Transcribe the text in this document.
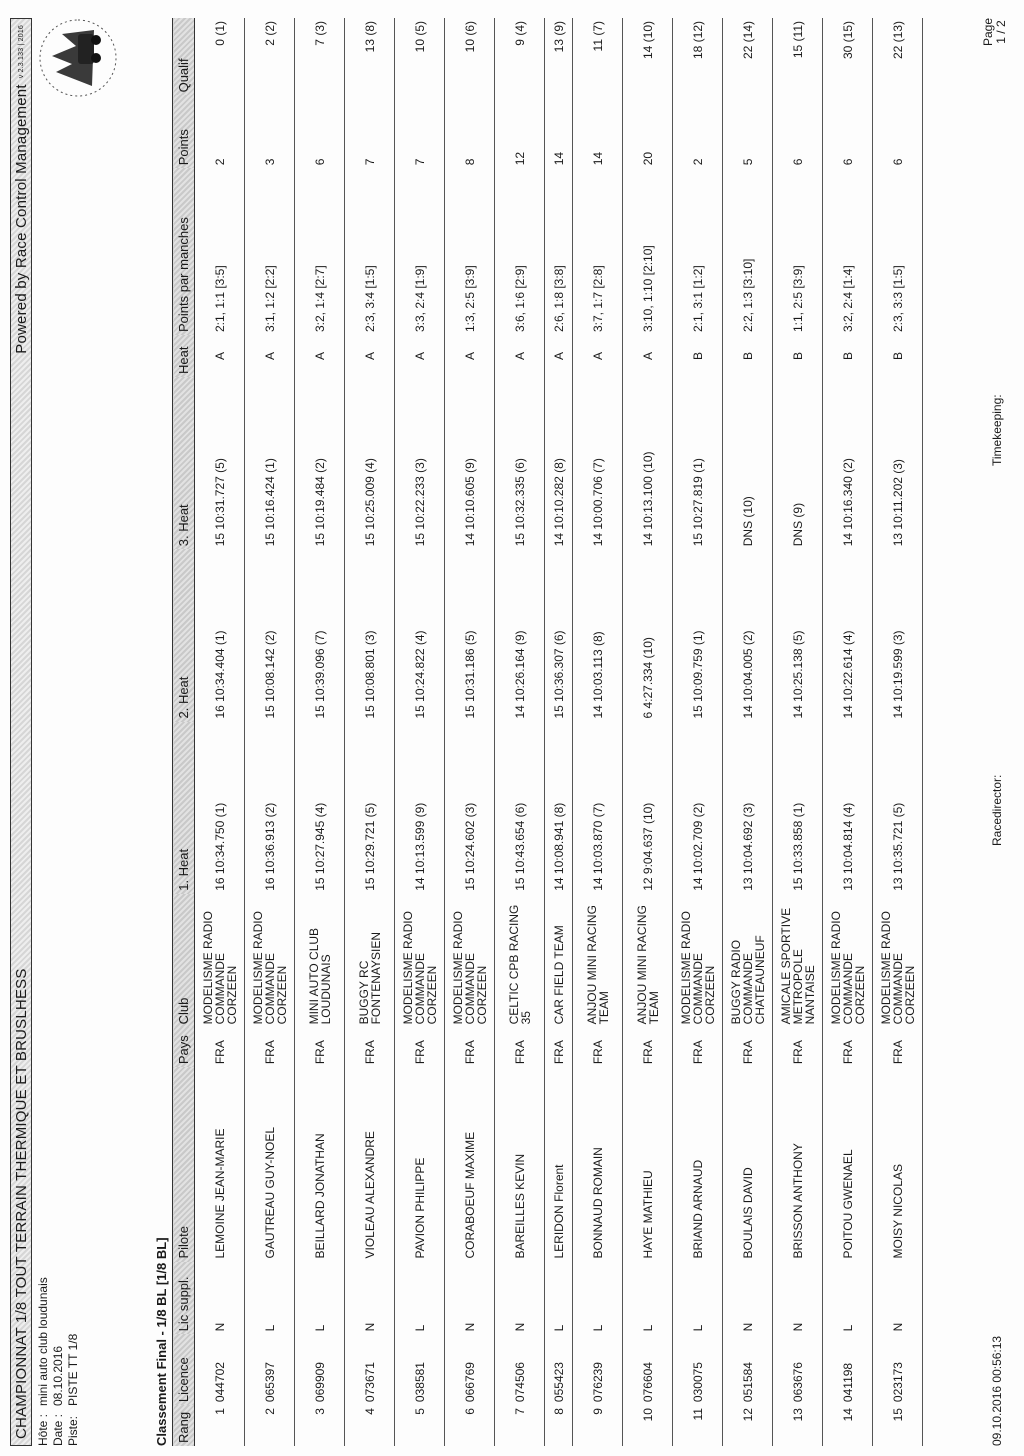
CHAMPIONNAT 1/8 TOUT TERRAIN THERMIQUE ET BRUSLHESS
Powered by Race Control Management
v 2.3.133 | 2016
Hôte :
mini auto club loudunais
Date :
08.10.2016
Piste:
PISTE TT 1/8	Classement Final - 1/8 BL [1/8 BL] Rang	Licence	Lic suppl.	Pilote	Pays	Club	1. Heat	2. Heat	3. Heat	Heat	Points par manches	Points	Qualif
1	044702	N	LEMOINE JEAN-MARIE	FRA	MODELISME RADIO COMMANDE CORZEEN	16 10:34.750 (1)	16 10:34.404 (1)	15 10:31.727 (5)	A	2:1, 1:1 [3:5]	2	0 (1)
2	065397	L	GAUTREAU GUY-NOEL	FRA	MODELISME RADIO COMMANDE CORZEEN	16 10:36.913 (2)	15 10:08.142 (2)	15 10:16.424 (1)	A	3:1, 1:2 [2:2]	3	2 (2)
3	069909	L	BEILLARD JONATHAN	FRA	MINI AUTO CLUB LOUDUNAIS	15 10:27.945 (4)	15 10:39.096 (7)	15 10:19.484 (2)	A	3:2, 1:4 [2:7]	6	7 (3)
4	073671	N	VIOLEAU ALEXANDRE	FRA	BUGGY RC FONTENAYSIEN	15 10:29.721 (5)	15 10:08.801 (3)	15 10:25.009 (4)	A	2:3, 3:4 [1:5]	7	13 (8)
5	038581	L	PAVION PHILIPPE	FRA	MODELISME RADIO COMMANDE CORZEEN	14 10:13.599 (9)	15 10:24.822 (4)	15 10:22.233 (3)	A	3:3, 2:4 [1:9]	7	10 (5)
6	066769	N	CORABOEUF MAXIME	FRA	MODELISME RADIO COMMANDE CORZEEN	15 10:24.602 (3)	15 10:31.186 (5)	14 10:10.605 (9)	A	1:3, 2:5 [3:9]	8	10 (6)
7	074506	N	BAREILLES KEVIN	FRA	CELTIC CPB RACING 35	15 10:43.654 (6)	14 10:26.164 (9)	15 10:32.335 (6)	A	3:6, 1:6 [2:9]	12	9 (4)
8	055423	L	LERIDON Florent	FRA	CAR FIELD TEAM	14 10:08.941 (8)	15 10:36.307 (6)	14 10:10.282 (8)	A	2:6, 1:8 [3:8]	14	13 (9)
9	076239	L	BONNAUD ROMAIN	FRA	ANJOU MINI RACING TEAM	14 10:03.870 (7)	14 10:03.113 (8)	14 10:00.706 (7)	A	3:7, 1:7 [2:8]	14	11 (7)
10	076604	L	HAYE MATHIEU	FRA	ANJOU MINI RACING TEAM	12 9:04.637 (10)	6 4:27.334 (10)	14 10:13.100 (10)	A	3:10, 1:10 [2:10]	20	14 (10)
11	030075	L	BRIAND ARNAUD	FRA	MODELISME RADIO COMMANDE CORZEEN	14 10:02.709 (2)	15 10:09.759 (1)	15 10:27.819 (1)	B	2:1, 3:1 [1:2]	2	18 (12)
12	051584	N	BOULAIS DAVID	FRA	BUGGY RADIO COMMANDE CHATEAUNEUF	13 10:04.692 (3)	14 10:04.005 (2)	DNS (10)	B	2:2, 1:3 [3:10]	5	22 (14)
13	063676	N	BRISSON ANTHONY	FRA	AMICALE SPORTIVE METROPOLE NANTAISE	15 10:33.858 (1)	14 10:25.138 (5)	DNS (9)	B	1:1, 2:5 [3:9]	6	15 (11)
14	041198	L	POITOU GWENAEL	FRA	MODELISME RADIO COMMANDE CORZEEN	13 10:04.814 (4)	14 10:22.614 (4)	14 10:16.340 (2)	B	3:2, 2:4 [1:4]	6	30 (15)
15	023173	N	MOISY NICOLAS	FRA	MODELISME RADIO COMMANDE CORZEEN	13 10:35.721 (5)	14 10:19.599 (3)	13 10:11.202 (3)	B	2:3, 3:3 [1:5]	6	22 (13)
09.10.2016 00:56:13
Racedirector:
Timekeeping:
Page 1 / 2
